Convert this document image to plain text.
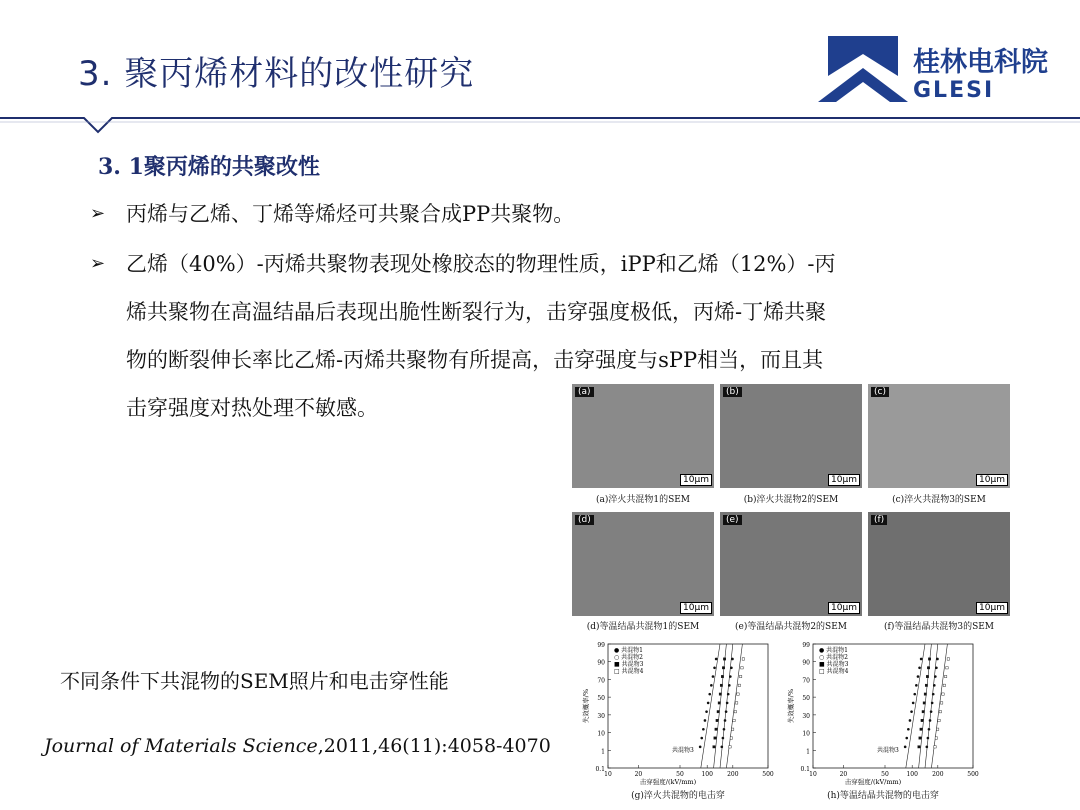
3. 聚丙烯材料的改性研究	桂林电科院
GLESI
3. 1聚丙烯的共聚改性
➢ 丙烯与乙烯、丁烯等烯烃可共聚合成PP共聚物。
➢ 乙烯（40%）-丙烯共聚物表现处橡胶态的物理性质，iPP和乙烯（12%）-丙
烯共聚物在高温结晶后表现出脆性断裂行为，击穿强度极低，丙烯-丁烯共聚
物的断裂伸长率比乙烯-丙烯共聚物有所提高，击穿强度与sPP相当，而且其
击穿强度对热处理不敏感。
(a)
10μm
(b)
10μm
(c)
10μm
(a)淬火共混物1的SEM	(b)淬火共混物2的SEM	(c)淬火共混物3的SEM
(d)
10μm
(e)
10μm
(f)
10μm
(d)等温结晶共混物1的SEM	(e)等温结晶共混物2的SEM	(f)等温结晶共混物3的SEM
99
90
70
50
30
10
1
0.1
10	20	50	100 200	500
击穿强度/(kV/mm)
失效概率/%
● 共混物1
○ 共混物2
■ 共混物3
□ 共混物4
共混物3
(g)淬火共混物的电击穿
99
90
70
50
30
10
1
0.1
10	20	50	100 200	500
击穿强度/(kV/mm)
失效概率/%
● 共混物1
○ 共混物2
■ 共混物3
□ 共混物4
共混物3
(h)等温结晶共混物的电击穿
不同条件下共混物的SEM照片和电击穿性能
Journal of Materials Science,2011,46(11):4058-4070
